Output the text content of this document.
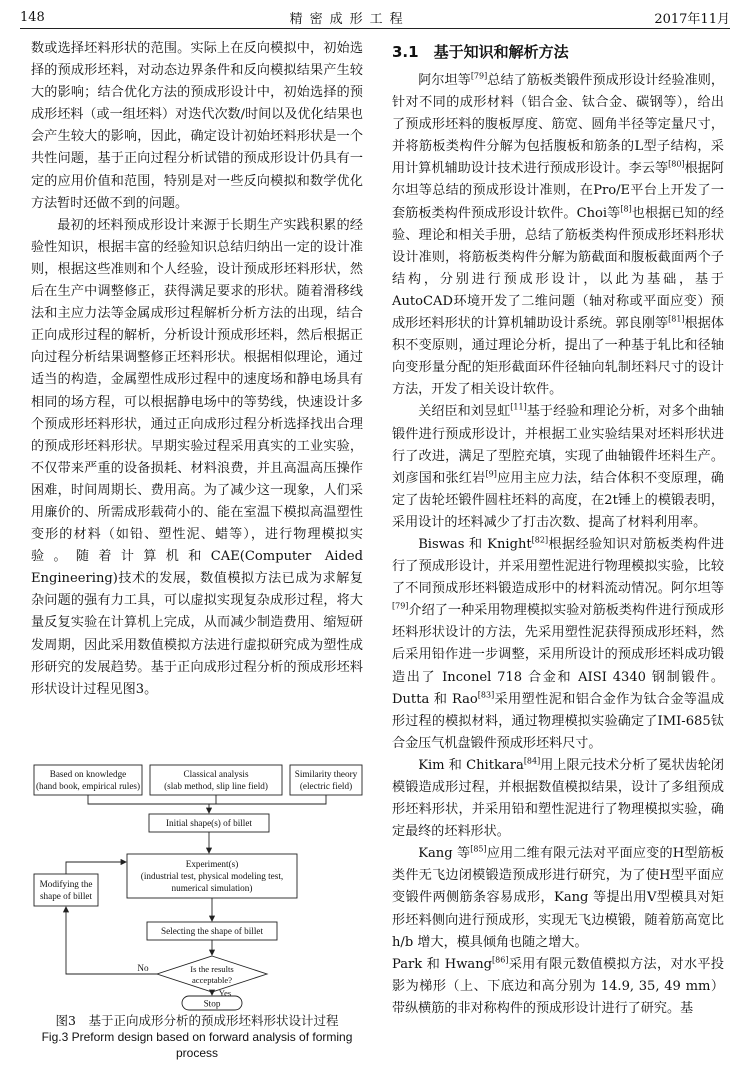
148	精密成形工程	2017年11月

数或选择坯料形状的范围。实际上在反向模拟中，初始选择的预成形坯料，对动态边界条件和反向模拟结果产生较大的影响；结合优化方法的预成形设计中，初始选择的预成形坯料（或一组坯料）对迭代次数/时间以及优化结果也会产生较大的影响，因此，确定设计初始坯料形状是一个共性问题，基于正向过程分析试错的预成形设计仍具有一定的应用价值和范围，特别是对一些反向模拟和数学优化方法暂时还做不到的问题。

最初的坯料预成形设计来源于长期生产实践积累的经验性知识，根据丰富的经验知识总结归纳出一定的设计准则，根据这些准则和个人经验，设计预成形坯料形状，然后在生产中调整修正，获得满足要求的形状。随着滑移线法和主应力法等金属成形过程解析分析方法的出现，结合正向成形过程的解析，分析设计预成形坯料，然后根据正向过程分析结果调整修正坯料形状。根据相似理论，通过适当的构造，金属塑性成形过程中的速度场和静电场具有相同的场方程，可以根据静电场中的等势线，快速设计多个预成形坯料形状，通过正向成形过程分析选择找出合理的预成形坯料形状。早期实验过程采用真实的工业实验，不仅带来严重的设备损耗、材料浪费，并且高温高压操作困难，时间周期长、费用高。为了减少这一现象，人们采用廉价的、所需成形载荷小的、能在室温下模拟高温塑性变形的材料（如铅、塑性泥、蜡等），进行物理模拟实验。随着计算机和CAE(Computer Aided Engineering)技术的发展，数值模拟方法已成为求解复杂问题的强有力工具，可以虚拟实现复杂成形过程，将大量反复实验在计算机上完成，从而减少制造费用、缩短研发周期，因此采用数值模拟方法进行虚拟研究成为塑性成形研究的发展趋势。基于正向成形过程分析的预成形坯料形状设计过程见图3。

3.1　基于知识和解析方法

阿尔坦等[79]总结了筋板类锻件预成形设计经验准则，针对不同的成形材料（铝合金、钛合金、碳钢等），给出了预成形坯料的腹板厚度、筋宽、圆角半径等定量尺寸，并将筋板类构件分解为包括腹板和筋条的L型子结构，采用计算机辅助设计技术进行预成形设计。李云等[80]根据阿尔坦等总结的预成形设计准则，在Pro/E平台上开发了一套筋板类构件预成形设计软件。Choi等[8]也根据已知的经验、理论和相关手册，总结了筋板类构件预成形坯料形状设计准则，将筋板类构件分解为筋截面和腹板截面两个子结构，分别进行预成形设计，以此为基础，基于AutoCAD环境开发了二维问题（轴对称或平面应变）预成形坯料形状的计算机辅助设计系统。郭良刚等[81]根据体积不变原则，通过理论分析，提出了一种基于轧比和径轴向变形量分配的矩形截面环件径轴向轧制坯料尺寸的设计方法，开发了相关设计软件。

关绍臣和刘昱虹[11]基于经验和理论分析，对多个曲轴锻件进行预成形设计，并根据工业实验结果对坯料形状进行了改进，满足了型腔充填，实现了曲轴锻件坯料生产。刘彦国和张红岩[9]应用主应力法，结合体积不变原理，确定了齿轮坯锻件圆柱坯料的高度，在2t锤上的模锻表明，采用设计的坯料减少了打击次数、提高了材料利用率。

Biswas 和 Knight[82]根据经验知识对筋板类构件进行了预成形设计，并采用塑性泥进行物理模拟实验，比较了不同预成形坯料锻造成形中的材料流动情况。阿尔坦等[79]介绍了一种采用物理模拟实验对筋板类构件进行预成形坯料形状设计的方法，先采用塑性泥获得预成形坯料，然后采用铅作进一步调整，采用所设计的预成形坯料成功锻造出了 Inconel 718 合金和 AISI 4340 钢制锻件。Dutta 和 Rao[83]采用塑性泥和铝合金作为钛合金等温成形过程的模拟材料，通过物理模拟实验确定了IMI-685钛合金压气机盘锻件预成形坯料尺寸。

Kim 和 Chitkara[84]用上限元技术分析了冕状齿轮闭模锻造成形过程，并根据数值模拟结果，设计了多组预成形坯料形状，并采用铅和塑性泥进行了物理模拟实验，确定最终的坯料形状。

Kang 等[85]应用二维有限元法对平面应变的H型筋板类件无飞边闭模锻造预成形进行研究，为了使H型平面应变锻件两侧筋条容易成形，Kang 等提出用V型模具对矩形坯料侧向进行预成形，实现无飞边模锻，随着筋高宽比 h/b 增大，模具倾角也随之增大。

Park 和 Hwang[86]采用有限元数值模拟方法，对水平投影为梯形（上、下底边和高分别为 14.9, 35, 49 mm）带纵横筋的非对称构件的预成形设计进行了研究。基

Based on knowledge
(hand book, empirical rules)
Classical analysis
(slab method, slip line field)
Similarity theory
(electric field)
Initial shape(s) of billet
Experiment(s)
(industrial test, physical modeling test,
numerical simulation)
Modifying the
shape of billet
Selecting the shape of billet
Is the results
acceptable?
No
Yes
Stop
图3　基于正向成形分析的预成形坯料形状设计过程
Fig.3 Preform design based on forward analysis of forming process
